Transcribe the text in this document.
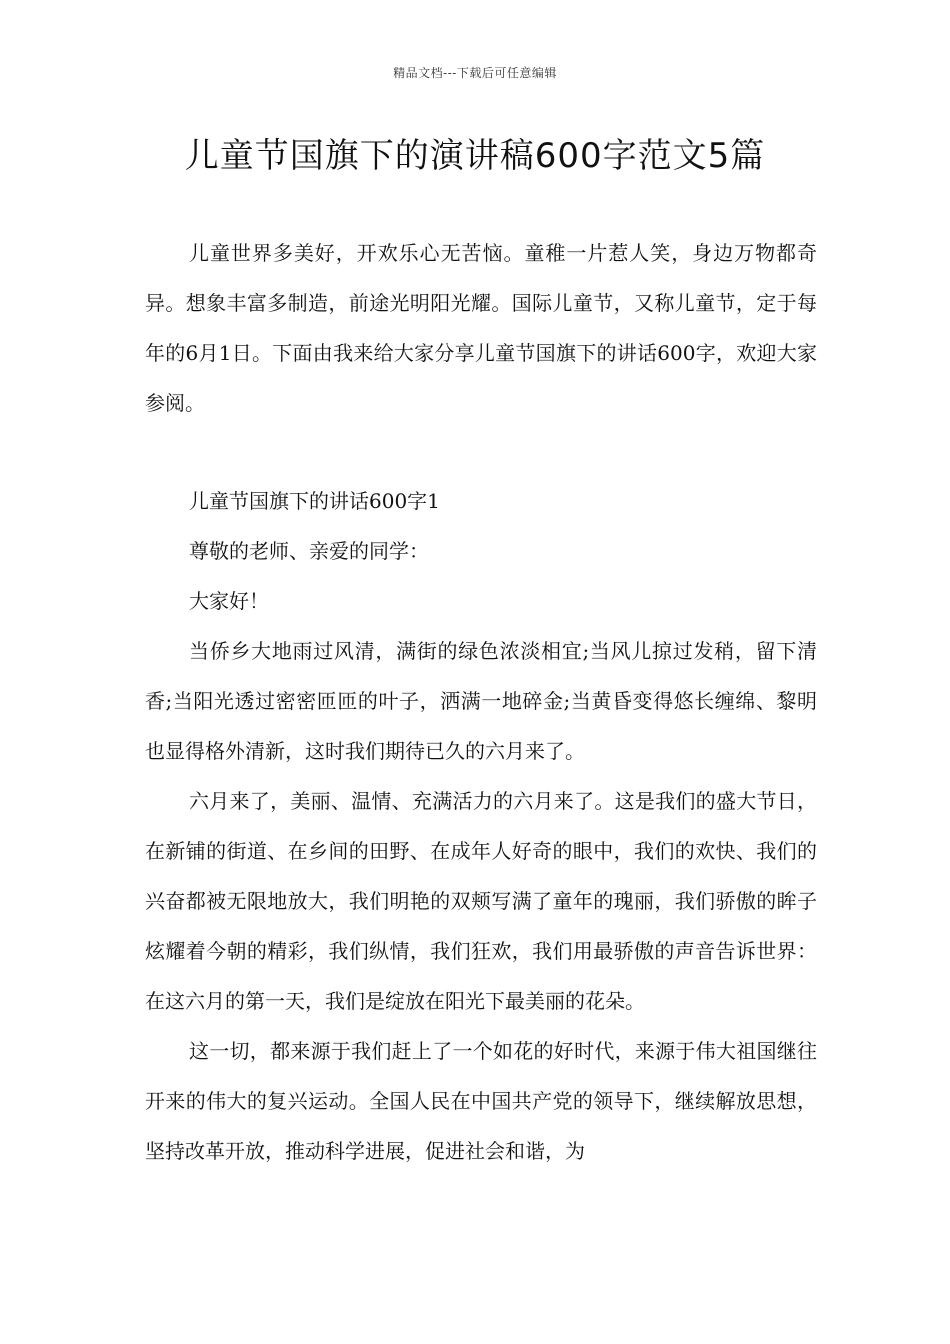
精品文档---下载后可任意编辑
儿童节国旗下的演讲稿600字范文5篇

儿童世界多美好，开欢乐心无苦恼。童稚一片惹人笑，身边万物都奇异。想象丰富多制造，前途光明阳光耀。国际儿童节，又称儿童节，定于每年的6月1日。下面由我来给大家分享儿童节国旗下的讲话600字，欢迎大家参阅。

儿童节国旗下的讲话600字1

尊敬的老师、亲爱的同学：

大家好！

当侨乡大地雨过风清，满街的绿色浓淡相宜;当风儿掠过发稍，留下清香;当阳光透过密密匝匝的叶子，洒满一地碎金;当黄昏变得悠长缠绵、黎明也显得格外清新，这时我们期待已久的六月来了。

六月来了，美丽、温情、充满活力的六月来了。这是我们的盛大节日，在新铺的街道、在乡间的田野、在成年人好奇的眼中，我们的欢快、我们的兴奋都被无限地放大，我们明艳的双颊写满了童年的瑰丽，我们骄傲的眸子炫耀着今朝的精彩，我们纵情，我们狂欢，我们用最骄傲的声音告诉世界：在这六月的第一天，我们是绽放在阳光下最美丽的花朵。

这一切，都来源于我们赶上了一个如花的好时代，来源于伟大祖国继往开来的伟大的复兴运动。全国人民在中国共产党的领导下，继续解放思想，坚持改革开放，推动科学进展，促进社会和谐，为
